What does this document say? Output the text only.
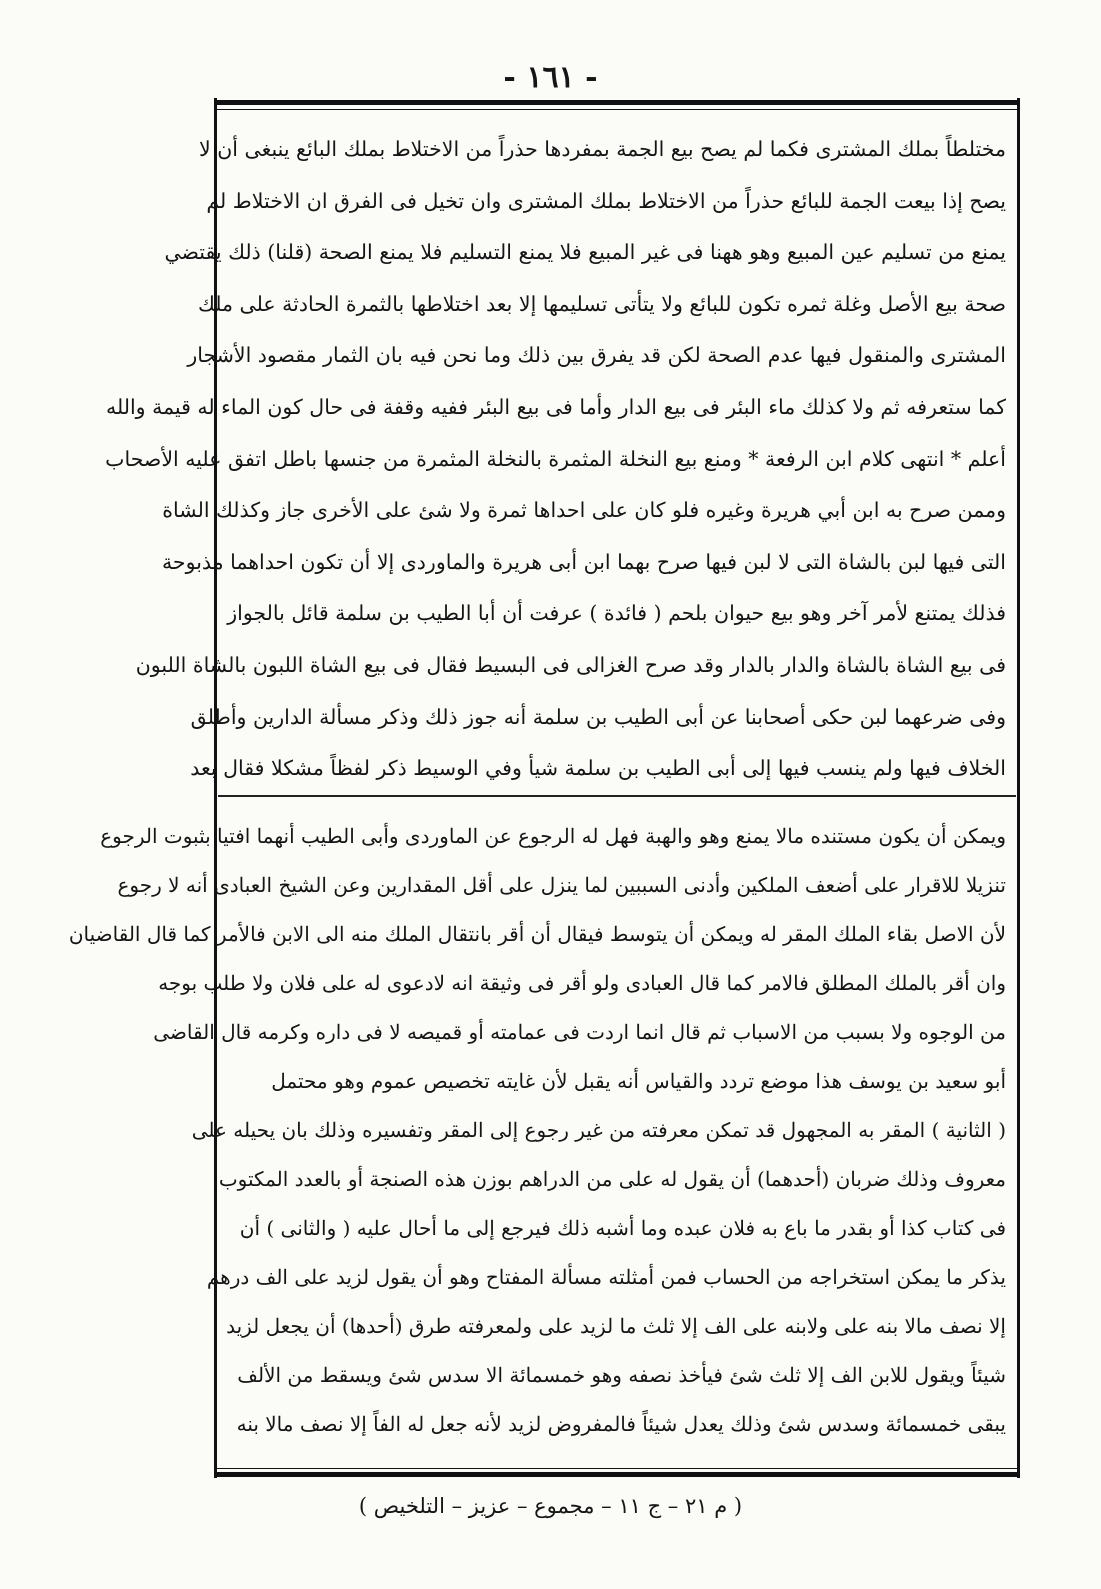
- ١٦١ -
مختلطاً بملك المشترى فكما لم يصح بيع الجمة بمفردها حذراً من الاختلاط بملك البائع ينبغى أن لا
يصح إذا بيعت الجمة للبائع حذراً من الاختلاط بملك المشترى وان تخيل فى الفرق ان الاختلاط لم
يمنع من تسليم عين المبيع وهو ههنا فى غير المبيع فلا يمنع التسليم فلا يمنع الصحة (قلنا) ذلك يقتضي
صحة بيع الأصل وغلة ثمره تكون للبائع ولا يتأتى تسليمها إلا بعد اختلاطها بالثمرة الحادثة على ملك
المشترى والمنقول فيها عدم الصحة لكن قد يفرق بين ذلك وما نحن فيه بان الثمار مقصود الأشجار
كما ستعرفه ثم ولا كذلك ماء البئر فى بيع الدار وأما فى بيع البئر ففيه وقفة فى حال كون الماء له قيمة والله
أعلم * انتهى كلام ابن الرفعة * ومنع بيع النخلة المثمرة بالنخلة المثمرة من جنسها باطل اتفق عليه الأصحاب
وممن صرح به ابن أبي هريرة وغيره فلو كان على احداها ثمرة ولا شئ على الأخرى جاز وكذلك الشاة
التى فيها لبن بالشاة التى لا لبن فيها صرح بهما ابن أبى هريرة والماوردى إلا أن تكون احداهما مذبوحة
فذلك يمتنع لأمر آخر وهو بيع حيوان بلحم ( فائدة ) عرفت أن أبا الطيب بن سلمة قائل بالجواز
فى بيع الشاة بالشاة والدار بالدار وقد صرح الغزالى فى البسيط فقال فى بيع الشاة اللبون بالشاة اللبون
وفى ضرعهما لبن حكى أصحابنا عن أبى الطيب بن سلمة أنه جوز ذلك وذكر مسألة الدارين وأطلق
الخلاف فيها ولم ينسب فيها إلى أبى الطيب بن سلمة شيأ وفي الوسيط ذكر لفظاً مشكلا فقال بعد
ويمكن أن يكون مستنده مالا يمنع وهو والهبة فهل له الرجوع عن الماوردى وأبى الطيب أنهما افتيا بثبوت الرجوع
تنزيلا للاقرار على أضعف الملكين وأدنى السببين لما ينزل على أقل المقدارين وعن الشيخ العبادى أنه لا رجوع
لأن الاصل بقاء الملك المقر له ويمكن أن يتوسط فيقال أن أقر بانتقال الملك منه الى الابن فالأمر كما قال القاضيان
وان أقر بالملك المطلق فالامر كما قال العبادى ولو أقر فى وثيقة انه لادعوى له على فلان ولا طلب بوجه
من الوجوه ولا بسبب من الاسباب ثم قال انما اردت فى عمامته أو قميصه لا فى داره وكرمه قال القاضى
أبو سعيد بن يوسف هذا موضع تردد والقياس أنه يقبل لأن غايته تخصيص عموم وهو محتمل
( الثانية ) المقر به المجهول قد تمكن معرفته من غير رجوع إلى المقر وتفسيره وذلك بان يحيله على
معروف وذلك ضربان (أحدهما) أن يقول له على من الدراهم بوزن هذه الصنجة أو بالعدد المكتوب
فى كتاب كذا أو بقدر ما باع به فلان عبده وما أشبه ذلك فيرجع إلى ما أحال عليه ( والثانى ) أن
يذكر ما يمكن استخراجه من الحساب فمن أمثلته مسألة المفتاح وهو أن يقول لزيد على الف درهم
إلا نصف مالا بنه على ولابنه على الف إلا ثلث ما لزيد على ولمعرفته طرق (أحدها) أن يجعل لزيد
شيئاً ويقول للابن الف إلا ثلث شئ فيأخذ نصفه وهو خمسمائة الا سدس شئ ويسقط من الألف
يبقى خمسمائة وسدس شئ وذلك يعدل شيئاً فالمفروض لزيد لأنه جعل له الفاً إلا نصف مالا بنه
( م ٢١ – ج ١١ – مجموع – عزيز – التلخيص )
